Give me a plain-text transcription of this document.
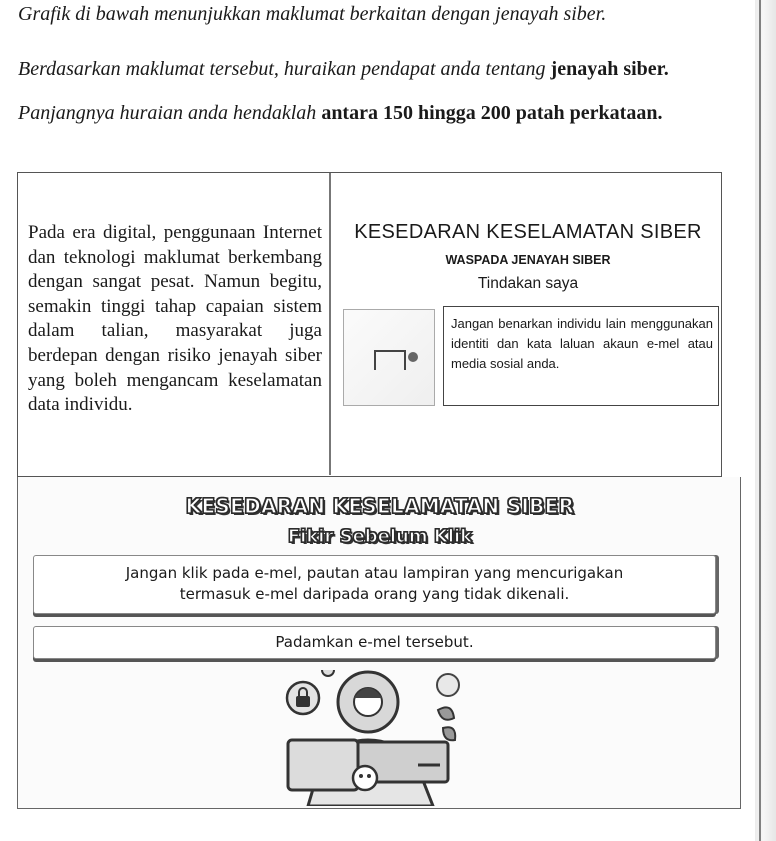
Grafik di bawah menunjukkan maklumat berkaitan dengan jenayah siber.
Berdasarkan maklumat tersebut, huraikan pendapat anda tentang jenayah siber.
Panjangnya huraian anda hendaklah antara 150 hingga 200 patah perkataan.
Pada era digital, penggunaan Internet dan teknologi maklumat berkembang dengan sangat pesat. Namun begitu, semakin tinggi tahap capaian sistem dalam talian, masyarakat juga berdepan dengan risiko jenayah siber yang boleh mengancam keselamatan data individu.
KESEDARAN KESELAMATAN SIBER
WASPADA JENAYAH SIBER
Tindakan saya
Jangan benarkan individu lain menggunakan identiti dan kata laluan akaun e-mel atau media sosial anda.
KESEDARAN KESELAMATAN SIBER
Fikir Sebelum Klik
Jangan klik pada e-mel, pautan atau lampiran yang mencurigakan
termasuk e-mel daripada orang yang tidak dikenali.
Padamkan e-mel tersebut.
